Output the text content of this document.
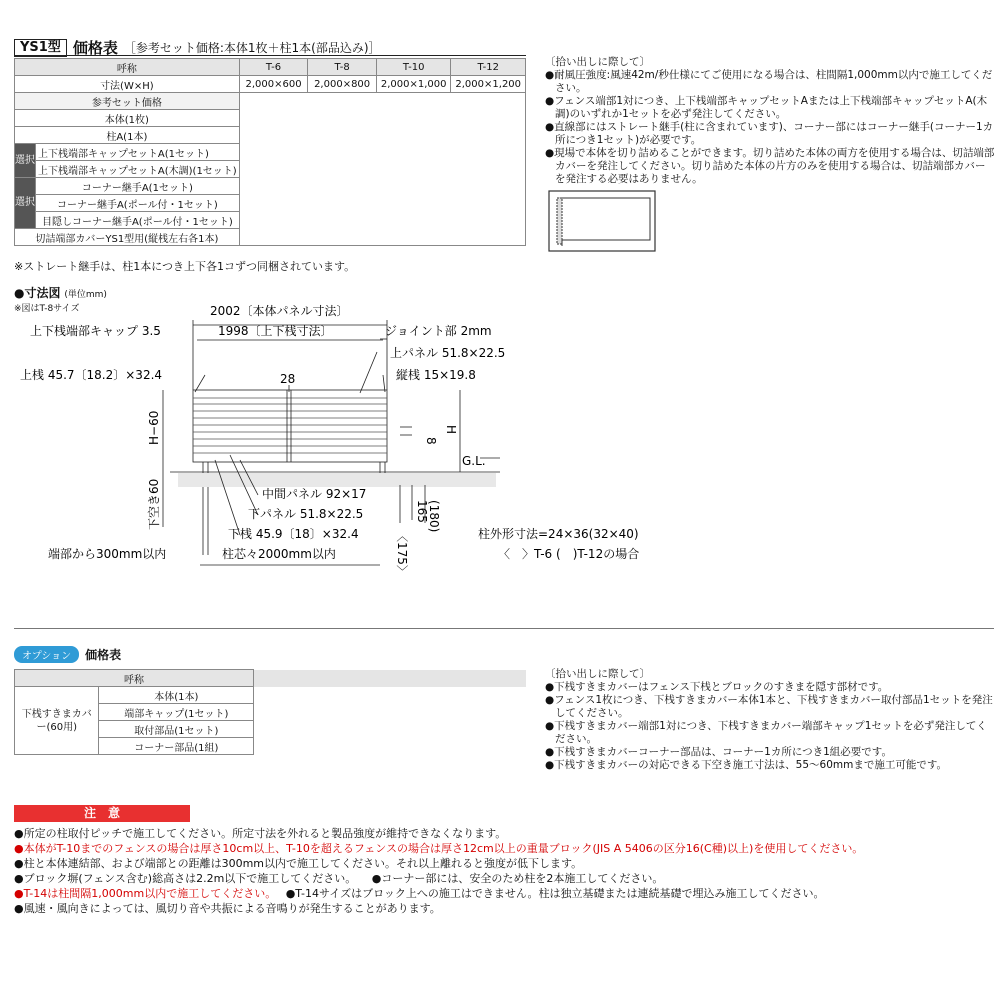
YS1型 価格表 ［参考セット価格:本体1枚＋柱1本(部品込み)］
呼称		T-6	T-8	T-10	T-12
寸法(W×H)		2,000×600	2,000×800	2,000×1,000	2,000×1,200
参考セット価格					
本体(1枚)					
柱A(1本)					
選択	上下桟端部キャップセットA(1セット)				
	上下桟端部キャップセットA(木調)(1セット)				
選択	コーナー継手A(1セット)				
	コーナー継手A(ポール付・1セット)				
	目隠しコーナー継手A(ポール付・1セット)				
切詰端部カバーYS1型用(縦桟左右各1本)					
※ストレート継手は、柱1本につき上下各1コずつ同梱されています。
〔拾い出しに際して〕
●耐風圧強度:風速42m/秒仕様にてご使用になる場合は、柱間隔1,000mm以内で施工してください。
●フェンス端部1対につき、上下桟端部キャップセットAまたは上下桟端部キャップセットA(木調)のいずれか1セットを必ず発注してください。
●直線部にはストレート継手(柱に含まれています)、コーナー部にはコーナー継手(コーナー1カ所につき1セット)が必要です。
●現場で本体を切り詰めることができます。切り詰めた本体の両方を使用する場合は、切詰端部カバーを発注してください。切り詰めた本体の片方のみを使用する場合は、切詰端部カバーを発注する必要はありません。
●寸法図 (単位mm)
※図はT-8サイズ	2002〔本体パネル寸法〕
1998〔上下桟寸法〕
上下桟端部キャップ 3.5	ジョイント部 2mm
上パネル 51.8×22.5
上桟 45.7〔18.2〕×32.4	28	縦桟 15×19.8
H−60	8
H
G.L.
下空き60	中間パネル 92×17
下パネル 51.8×22.5
下桟 45.9〔18〕×32.4
柱芯々2000mm以内
端部から300mm以内	〈175〉
165
(180)
柱外形寸法=24×36(32×40)
〈　〉T-6 (　)T-12の場合
オプション	価格表
呼称		
下桟すきまカバー(60用)	本体(1本)	
	端部キャップ(1セット)	
	取付部品(1セット)	
	コーナー部品(1組)	
〔拾い出しに際して〕
●下桟すきまカバーはフェンス下桟とブロックのすきまを隠す部材です。
●フェンス1枚につき、下桟すきまカバー本体1本と、下桟すきまカバー取付部品1セットを発注してください。
●下桟すきまカバー端部1対につき、下桟すきまカバー端部キャップ1セットを必ず発注してください。
●下桟すきまカバーコーナー部品は、コーナー1カ所につき1組必要です。
●下桟すきまカバーの対応できる下空き施工寸法は、55〜60mmまで施工可能です。
注　意
●所定の柱取付ピッチで施工してください。所定寸法を外れると製品強度が維持できなくなります。
●本体がT-10までのフェンスの場合は厚さ10cm以上、T-10を超えるフェンスの場合は厚さ12cm以上の重量ブロック(JIS A 5406の区分16(C種)以上)を使用してください。
●柱と本体連結部、および端部との距離は300mm以内で施工してください。それ以上離れると強度が低下します。
●ブロック塀(フェンス含む)総高さは2.2m以下で施工してください。 ●コーナー部には、安全のため柱を2本施工してください。
●T-14は柱間隔1,000mm以内で施工してください。 ●T-14サイズはブロック上への施工はできません。柱は独立基礎または連続基礎で埋込み施工してください。
●風速・風向きによっては、風切り音や共振による音鳴りが発生することがあります。
